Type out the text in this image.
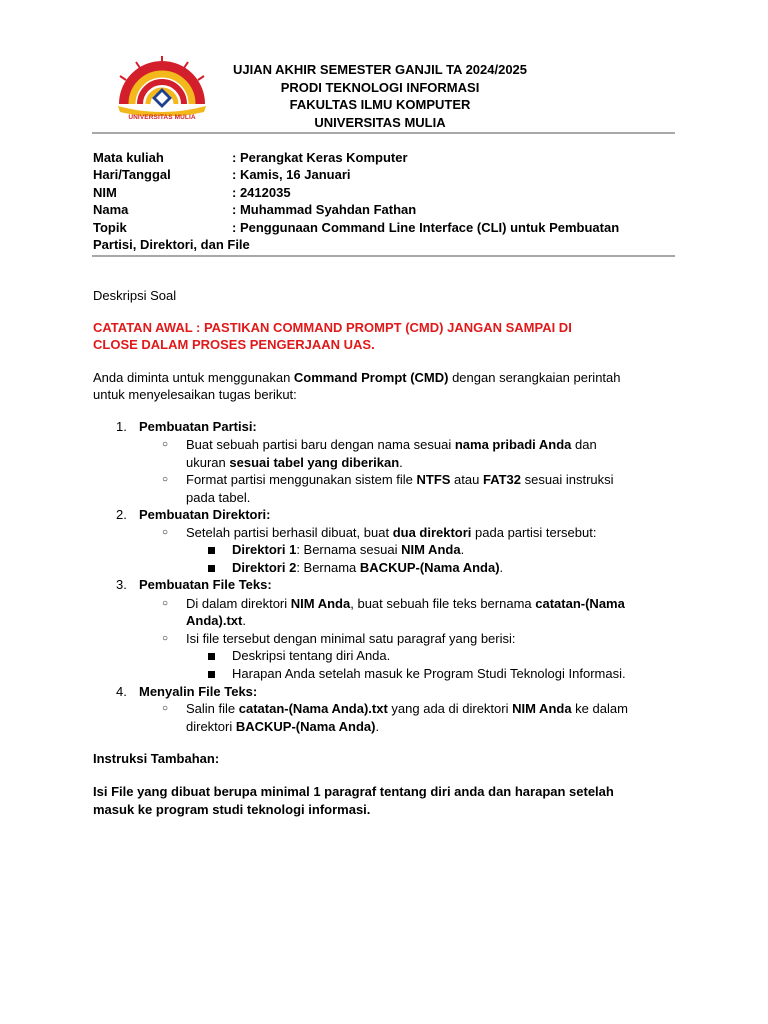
UNIVERSITAS MULIA
UJIAN AKHIR SEMESTER GANJIL TA 2024/2025
PRODI TEKNOLOGI INFORMASI
FAKULTAS ILMU KOMPUTER
UNIVERSITAS MULIA
Mata kuliah	: Perangkat Keras Komputer
Hari/Tanggal	: Kamis, 16 Januari
NIM	: 2412035
Nama	: Muhammad Syahdan Fathan
Topik	: Penggunaan Command Line Interface (CLI) untuk Pembuatan
Partisi, Direktori, dan File
Deskripsi Soal
CATATAN AWAL : PASTIKAN COMMAND PROMPT (CMD) JANGAN SAMPAI DI
CLOSE DALAM PROSES PENGERJAAN UAS.
Anda diminta untuk menggunakan Command Prompt (CMD) dengan serangkaian perintah
untuk menyelesaikan tugas berikut:
1. Pembuatan Partisi:
○ Buat sebuah partisi baru dengan nama sesuai nama pribadi Anda dan
ukuran sesuai tabel yang diberikan.
○ Format partisi menggunakan sistem file NTFS atau FAT32 sesuai instruksi
pada tabel.
2. Pembuatan Direktori:
○ Setelah partisi berhasil dibuat, buat dua direktori pada partisi tersebut:
Direktori 1: Bernama sesuai NIM Anda.
Direktori 2: Bernama BACKUP-(Nama Anda).
3. Pembuatan File Teks:
○ Di dalam direktori NIM Anda, buat sebuah file teks bernama catatan-(Nama
Anda).txt.
○ Isi file tersebut dengan minimal satu paragraf yang berisi:
Deskripsi tentang diri Anda.
Harapan Anda setelah masuk ke Program Studi Teknologi Informasi.
4. Menyalin File Teks:
○ Salin file catatan-(Nama Anda).txt yang ada di direktori NIM Anda ke dalam
direktori BACKUP-(Nama Anda).
Instruksi Tambahan:
Isi File yang dibuat berupa minimal 1 paragraf tentang diri anda dan harapan setelah
masuk ke program studi teknologi informasi.
